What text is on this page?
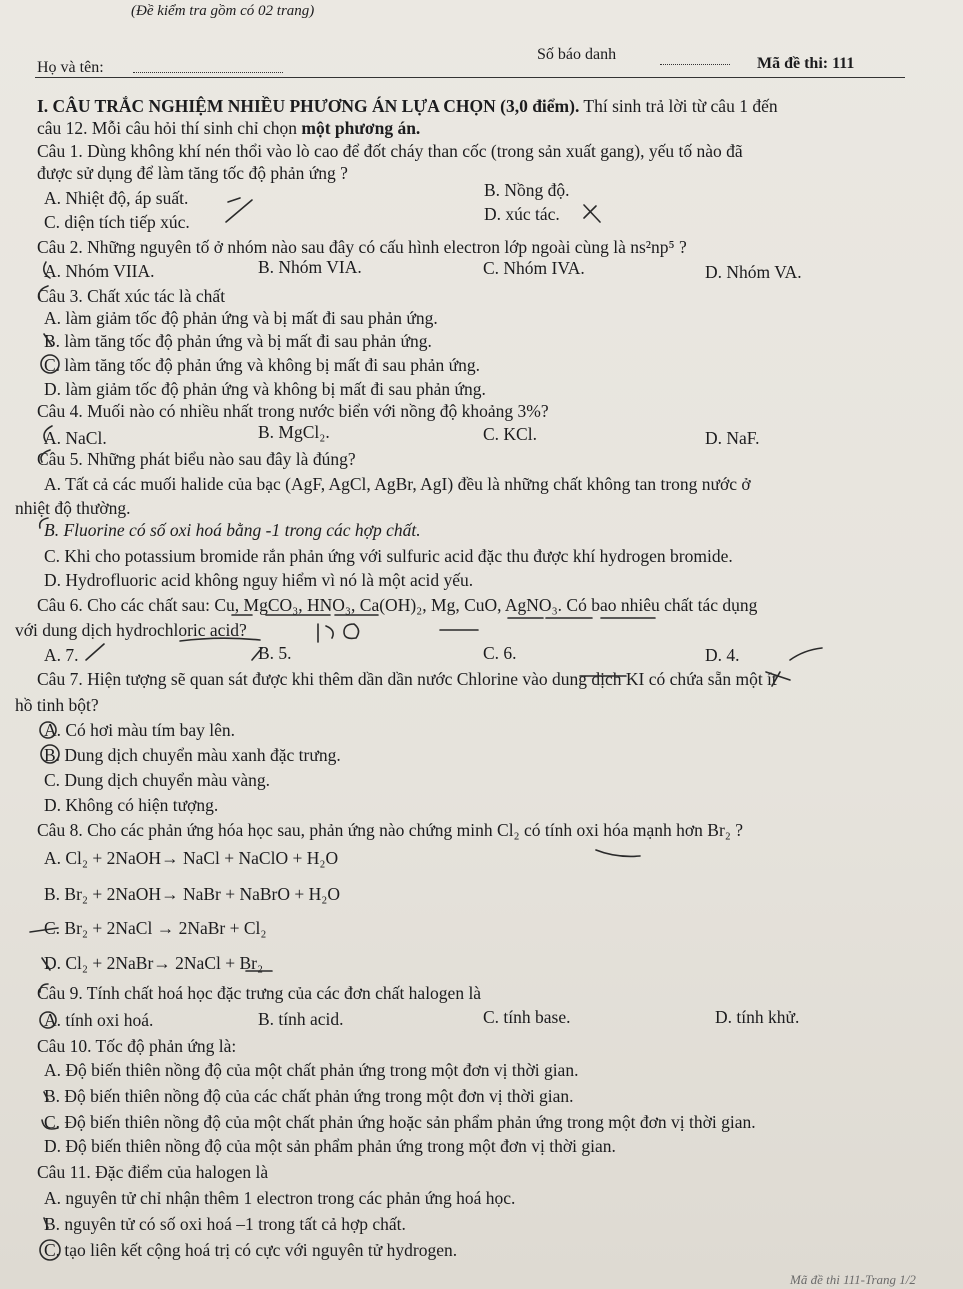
(Đề kiểm tra gồm có 02 trang)
Họ và tên:
Số báo danh
Mã đề thi: 111
I. CÂU TRẮC NGHIỆM NHIỀU PHƯƠNG ÁN LỰA CHỌN (3,0 điểm). Thí sinh trả lời từ câu 1 đến
câu 12. Mỗi câu hỏi thí sinh chỉ chọn một phương án.
Câu 1. Dùng không khí nén thổi vào lò cao để đốt cháy than cốc (trong sản xuất gang), yếu tố nào đã
được sử dụng để làm tăng tốc độ phản ứng ?
A. Nhiệt độ, áp suất.	B. Nồng độ.
C. diện tích tiếp xúc.	D. xúc tác.
Câu 2. Những nguyên tố ở nhóm nào sau đây có cấu hình electron lớp ngoài cùng là ns²np⁵ ?
A. Nhóm VIIA.	B. Nhóm VIA.	C. Nhóm IVA.	D. Nhóm VA.
Câu 3. Chất xúc tác là chất
A. làm giảm tốc độ phản ứng và bị mất đi sau phản ứng.
B. làm tăng tốc độ phản ứng và bị mất đi sau phản ứng.
C. làm tăng tốc độ phản ứng và không bị mất đi sau phản ứng.
D. làm giảm tốc độ phản ứng và không bị mất đi sau phản ứng.
Câu 4. Muối nào có nhiều nhất trong nước biển với nồng độ khoảng 3%?
A. NaCl.	B. MgCl₂.	C. KCl.	D. NaF.
Câu 5. Những phát biểu nào sau đây là đúng?
A. Tất cả các muối halide của bạc (AgF, AgCl, AgBr, AgI) đều là những chất không tan trong nước ở
nhiệt độ thường.
B. Fluorine có số oxi hoá bằng -1 trong các hợp chất.
C. Khi cho potassium bromide rắn phản ứng với sulfuric acid đặc thu được khí hydrogen bromide.
D. Hydrofluoric acid không nguy hiểm vì nó là một acid yếu.
Câu 6. Cho các chất sau: Cu, MgCO₃, HNO₃, Ca(OH)₂, Mg, CuO, AgNO₃. Có bao nhiêu chất tác dụng
với dung dịch hydrochloric acid?
A. 7.	B. 5.	C. 6.	D. 4.
Câu 7. Hiện tượng sẽ quan sát được khi thêm dần dần nước Chlorine vào dung dịch KI có chứa sẵn một ít
hồ tinh bột?
A. Có hơi màu tím bay lên.
B. Dung dịch chuyển màu xanh đặc trưng.
C. Dung dịch chuyển màu vàng.
D. Không có hiện tượng.
Câu 8. Cho các phản ứng hóa học sau, phản ứng nào chứng minh Cl₂ có tính oxi hóa mạnh hơn Br₂ ?
A. Cl₂ + 2NaOH→ NaCl + NaClO + H₂O
B. Br₂ + 2NaOH→ NaBr + NaBrO + H₂O
C. Br₂ + 2NaCl → 2NaBr + Cl₂
D. Cl₂ + 2NaBr→ 2NaCl + Br₂
Câu 9. Tính chất hoá học đặc trưng của các đơn chất halogen là
A. tính oxi hoá.	B. tính acid.	C. tính base.	D. tính khử.
Câu 10. Tốc độ phản ứng là:
A. Độ biến thiên nồng độ của một chất phản ứng trong một đơn vị thời gian.
B. Độ biến thiên nồng độ của các chất phản ứng trong một đơn vị thời gian.
C. Độ biến thiên nồng độ của một chất phản ứng hoặc sản phẩm phản ứng trong một đơn vị thời gian.
D. Độ biến thiên nồng độ của một sản phẩm phản ứng trong một đơn vị thời gian.
Câu 11. Đặc điểm của halogen là
A. nguyên tử chỉ nhận thêm 1 electron trong các phản ứng hoá học.
B. nguyên tử có số oxi hoá –1 trong tất cả hợp chất.
C. tạo liên kết cộng hoá trị có cực với nguyên tử hydrogen.
Mã đề thi 111-Trang 1/2
